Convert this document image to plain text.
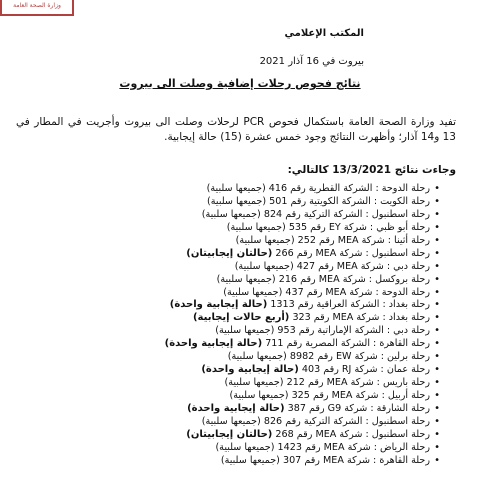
وزارة الصحة العامة
المكتب الإعلامي
بيروت في 16 آذار 2021
نتائج فحوص رحلات إضافية وصلت الى بيروت
تفيد وزارة الصحة العامة باستكمال فحوص PCR لرحلات وصلت الى بيروت وأجريت في المطار في 13 و14 آذار؛ وأظهرت النتائج وجود خمس عشرة (15) حالة إيجابية.
وجاءت نتائج 13/3/2021 كالتالي:
• رحلة الدوحة : الشركة القطرية رقم 416 (جميعها سلبية)
• رحلة الكويت : الشركة الكويتية رقم 501 (جميعها سلبية)
• رحلة اسطنبول : الشركة التركية رقم 824 (جميعها سلبية)
• رحلة أبو ظبي : شركة EY رقم 535 (جميعها سلبية)
• رحلة أثينا : شركة MEA رقم 252 (جميعها سلبية)
• رحلة اسطنبول : شركة MEA رقم 266 (حالتان إيجابيتان)
• رحلة دبي : شركة MEA رقم 427 (جميعها سلبية)
• رحلة بروكسل : شركة MEA رقم 216 (جميعها سلبية)
• رحلة الدوحة : شركة MEA رقم 437 (جميعها سلبية)
• رحلة بغداد : الشركة العراقية رقم 1313 (حالة إيجابية واحدة)
• رحلة بغداد : شركة MEA رقم 323 (أربع حالات إيجابية)
• رحلة دبي : الشركة الإماراتية رقم 953 (جميعها سلبية)
• رحلة القاهرة : الشركة المصرية رقم 711 (حالة إيجابية واحدة)
• رحلة برلين : شركة EW رقم 8982 (جميعها سلبية)
• رحلة عمان : شركة RJ رقم 403 (حالة إيجابية واحدة)
• رحلة باريس : شركة MEA رقم 212 (جميعها سلبية)
• رحلة أربيل : شركة MEA رقم 325 (جميعها سلبية)
• رحلة الشارقة : شركة G9 رقم 387 (حالة إيجابية واحدة)
• رحلة اسطنبول : الشركة التركية رقم 826 (جميعها سلبية)
• رحلة اسطنبول : شركة MEA رقم 268 (حالتان إيجابيتان)
• رحلة الرياض : شركة MEA رقم 1423 (جميعها سلبية)
• رحلة القاهرة : شركة MEA رقم 307 (جميعها سلبية)
